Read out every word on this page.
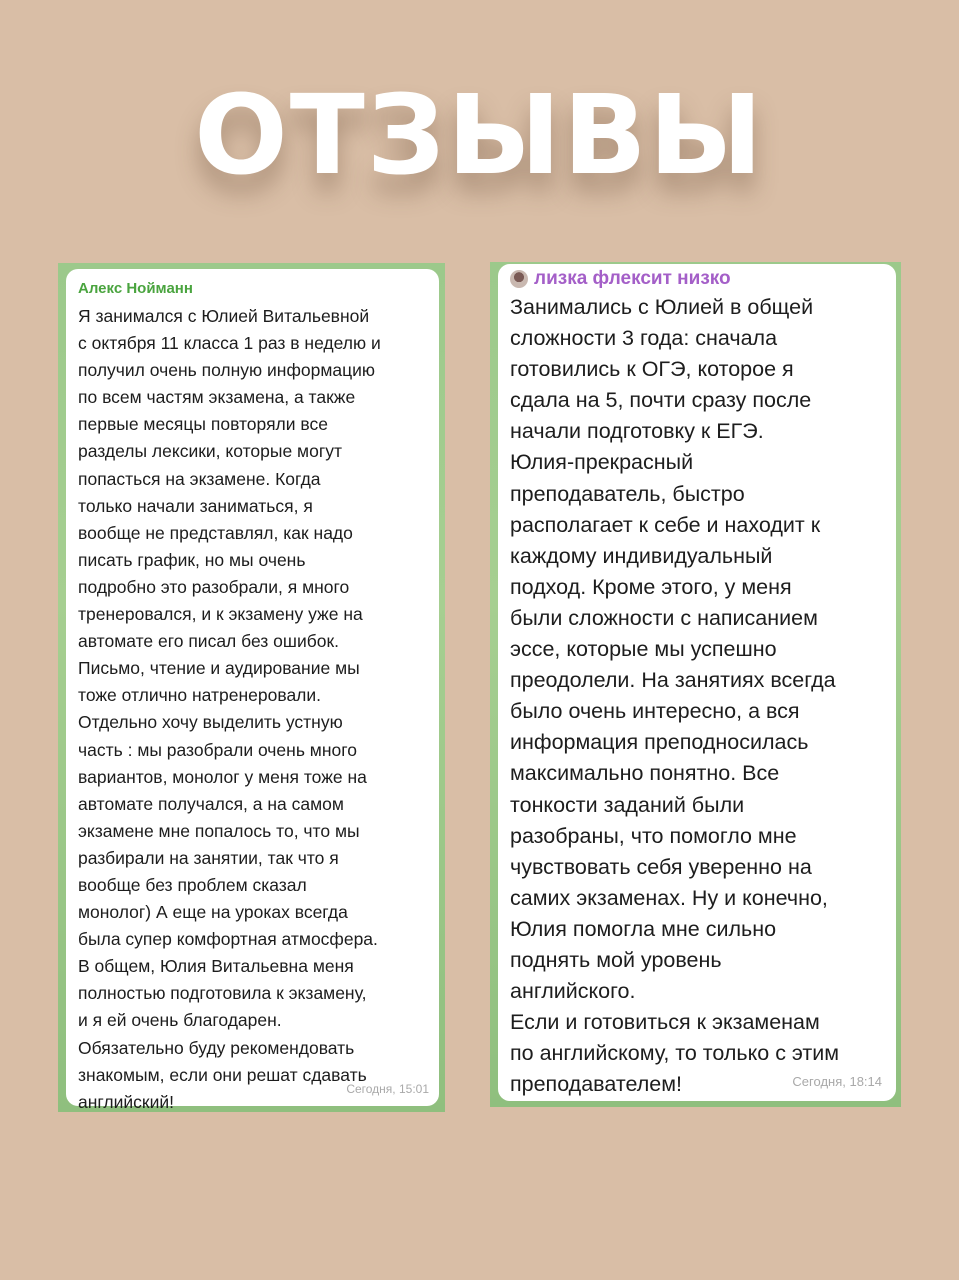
ОТЗЫВЫ
Алекс Нойманн

Я занимался с Юлией Витальевной
с октября 11 класса 1 раз в неделю и
получил очень полную информацию
по всем частям экзамена, а также
первые месяцы повторяли все
разделы лексики, которые могут
попасться на экзамене. Когда
только начали заниматься, я
вообще не представлял, как надо
писать график, но мы очень
подробно это разобрали, я много
тренеровался, и к экзамену уже на
автомате его писал без ошибок.
Письмо, чтение и аудирование мы
тоже отлично натренеровали.
Отдельно хочу выделить устную
часть : мы разобрали очень много
вариантов, монолог у меня тоже на
автомате получался, а на самом
экзамене мне попалось то, что мы
разбирали на занятии, так что я
вообще без проблем сказал
монолог) А еще на уроках всегда
была супер комфортная атмосфера.
В общем, Юлия Витальевна меня
полностью подготовила к экзамену,
и я ей очень благодарен.
Обязательно буду рекомендовать
знакомым, если они решат сдавать
английский!

Сегодня, 15:01
лизка флексит низко

Занимались с Юлией в общей
сложности 3 года: сначала
готовились к ОГЭ, которое я
сдала на 5, почти сразу после
начали подготовку к ЕГЭ.
Юлия-прекрасный
преподаватель, быстро
располагает к себе и находит к
каждому индивидуальный
подход. Кроме этого, у меня
были сложности с написанием
эссе, которые мы успешно
преодолели. На занятиях всегда
было очень интересно, а вся
информация преподносилась
максимально понятно. Все
тонкости заданий были
разобраны, что помогло мне
чувствовать себя уверенно на
самих экзаменах. Ну и конечно,
Юлия помогла мне сильно
поднять мой уровень
английского.
Если и готовиться к экзаменам
по английскому, то только с этим
преподавателем!	Сегодня, 18:14
